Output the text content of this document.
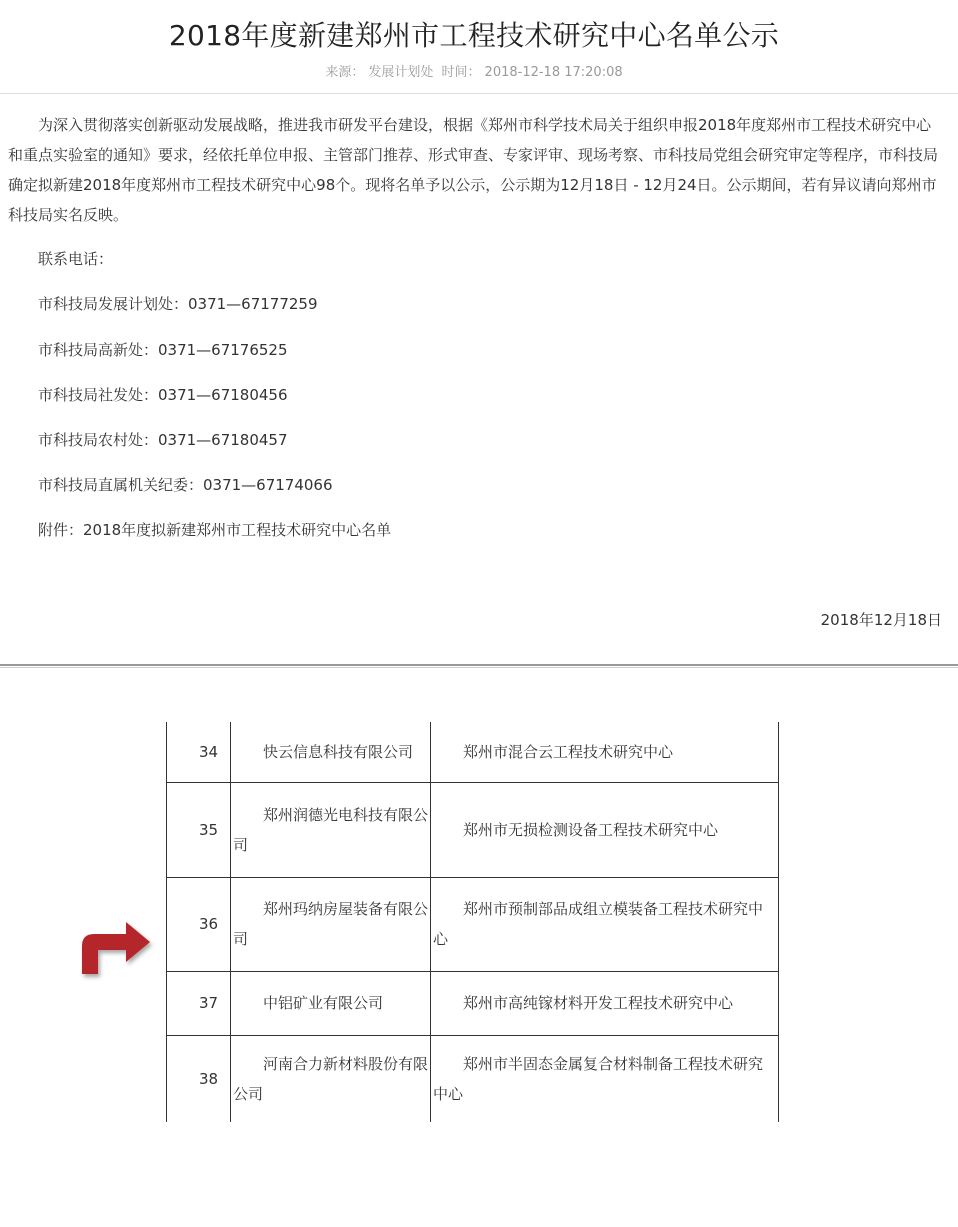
2018年度新建郑州市工程技术研究中心名单公示
来源： 发展计划处 时间： 2018-12-18 17:20:08

为深入贯彻落实创新驱动发展战略，推进我市研发平台建设，根据《郑州市科学技术局关于组织申报2018年度郑州市工程技术研究中心和重点实验室的通知》要求，经依托单位申报、主管部门推荐、形式审查、专家评审、现场考察、市科技局党组会研究审定等程序，市科技局确定拟新建2018年度郑州市工程技术研究中心98个。现将名单予以公示，公示期为12月18日 - 12月24日。公示期间，若有异议请向郑州市科技局实名反映。

联系电话：
市科技局发展计划处：0371—67177259
市科技局高新处：0371—67176525
市科技局社发处：0371—67180456
市科技局农村处：0371—67180457
市科技局直属机关纪委：0371—67174066
附件：2018年度拟新建郑州市工程技术研究中心名单
2018年12月18日
34	快云信息科技有限公司	郑州市混合云工程技术研究中心
35	郑州润德光电科技有限公司	郑州市无损检测设备工程技术研究中心
36	郑州玛纳房屋装备有限公司	郑州市预制部品成组立模装备工程技术研究中心
37	中铝矿业有限公司	郑州市高纯镓材料开发工程技术研究中心
38	河南合力新材料股份有限公司	郑州市半固态金属复合材料制备工程技术研究中心
